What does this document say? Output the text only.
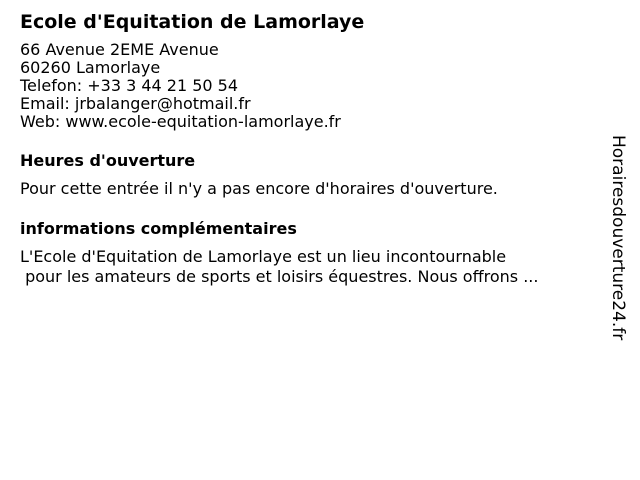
Ecole d'Equitation de Lamorlaye
66 Avenue 2EME Avenue
60260 Lamorlaye
Telefon: +33 3 44 21 50 54
Email: jrbalanger@hotmail.fr
Web: www.ecole-equitation-lamorlaye.fr
Heures d'ouverture
Pour cette entrée il n'y a pas encore d'horaires d'ouverture.
informations complémentaires
L'Ecole d'Equitation de Lamorlaye est un lieu incontournable
pour les amateurs de sports et loisirs équestres. Nous offrons ...	Horairesdouverture24.fr
